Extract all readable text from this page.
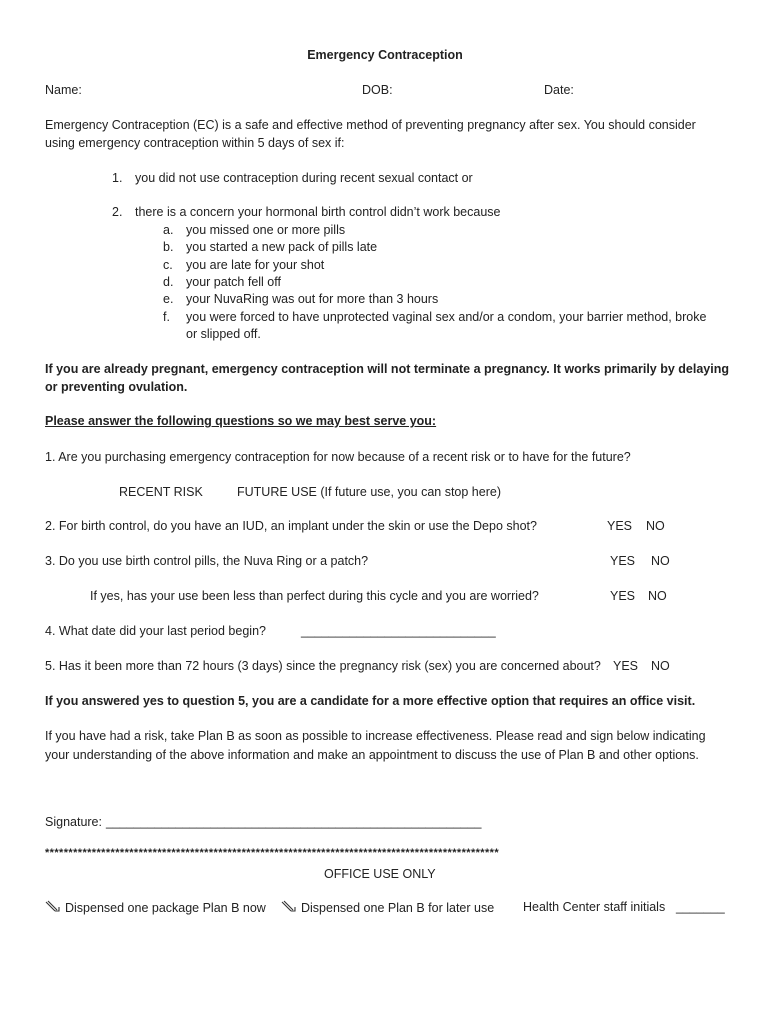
Emergency Contraception
Name:	DOB:	Date:
Emergency Contraception (EC) is a safe and effective method of preventing pregnancy after sex. You should consider
using emergency contraception within 5 days of sex if:
1. you did not use contraception during recent sexual contact or
2. there is a concern your hormonal birth control didn’t work because
a. you missed one or more pills
b. you started a new pack of pills late
c. you are late for your shot
d. your patch fell off
e. your NuvaRing was out for more than 3 hours
f. you were forced to have unprotected vaginal sex and/or a condom, your barrier method, broke
or slipped off.
If you are already pregnant, emergency contraception will not terminate a pregnancy. It works primarily by delaying
or preventing ovulation.
Please answer the following questions so we may best serve you:
1. Are you purchasing emergency contraception for now because of a recent risk or to have for the future?
RECENT RISK	FUTURE USE (If future use, you can stop here)
2. For birth control, do you have an IUD, an implant under the skin or use the Depo shot?	YES NO
3. Do you use birth control pills, the Nuva Ring or a patch?	YES NO
If yes, has your use been less than perfect during this cycle and you are worried?	YES NO
4. What date did your last period begin?	____________________________
5. Has it been more than 72 hours (3 days) since the pregnancy risk (sex) you are concerned about? YES NO
If you answered yes to question 5, you are a candidate for a more effective option that requires an office visit.
If you have had a risk, take Plan B as soon as possible to increase effectiveness. Please read and sign below indicating
your understanding of the above information and make an appointment to discuss the use of Plan B and other options.
Signature: ______________________________________________________
*************************************************************************************************
OFFICE USE ONLY
Dispensed one package Plan B now	Dispensed one Plan B for later use Health Center staff initials _______
